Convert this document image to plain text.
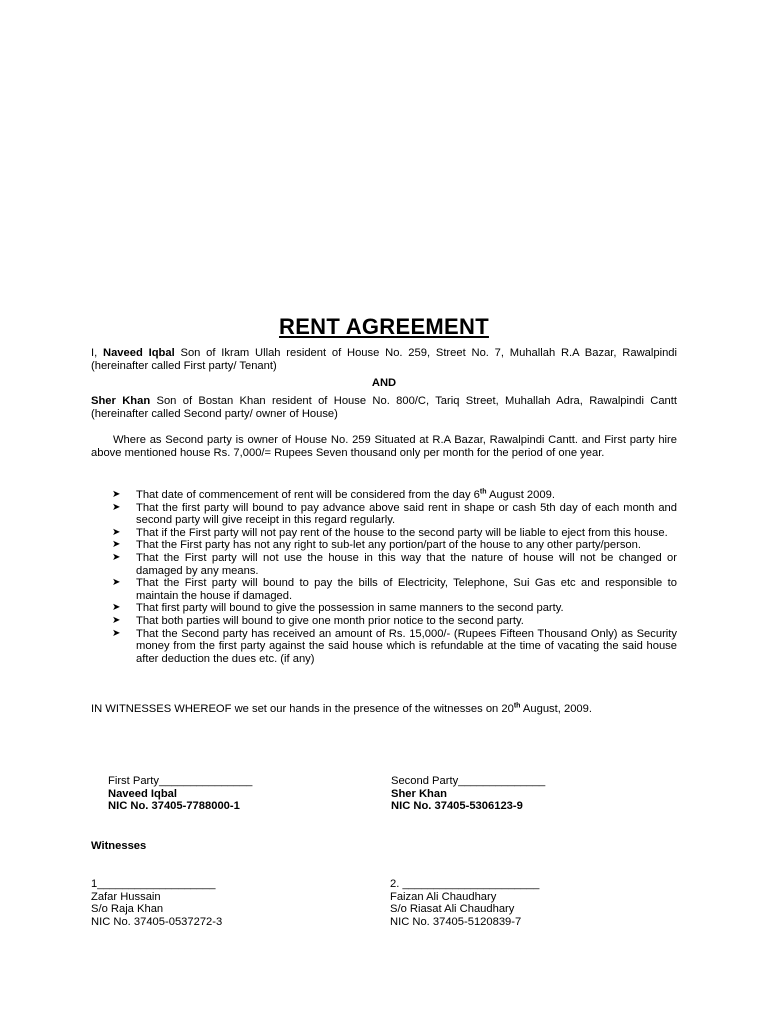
RENT AGREEMENT
I, Naveed Iqbal Son of Ikram Ullah resident of House No. 259, Street No. 7, Muhallah R.A Bazar, Rawalpindi (hereinafter called First party/ Tenant)
AND
Sher Khan Son of Bostan Khan resident of House No. 800/C, Tariq Street, Muhallah Adra, Rawalpindi Cantt (hereinafter called Second party/ owner of House)
Where as Second party is owner of House No. 259 Situated at R.A Bazar, Rawalpindi Cantt. and First party hire above mentioned house Rs. 7,000/= Rupees Seven thousand only per month for the period of one year.
➤ That date of commencement of rent will be considered from the day 6th August 2009.
➤ That the first party will bound to pay advance above said rent in shape or cash 5th day of each month and second party will give receipt in this regard regularly.
➤ That if the First party will not pay rent of the house to the second party will be liable to eject from this house.
➤ That the First party has not any right to sub-let any portion/part of the house to any other party/person.
➤ That the First party will not use the house in this way that the nature of house will not be changed or damaged by any means.
➤ That the First party will bound to pay the bills of Electricity, Telephone, Sui Gas etc and responsible to maintain the house if damaged.
➤ That first party will bound to give the possession in same manners to the second party.
➤ That both parties will bound to give one month prior notice to the second party.
➤ That the Second party has received an amount of Rs. 15,000/- (Rupees Fifteen Thousand Only) as Security money from the first party against the said house which is refundable at the time of vacating the said house after deduction the dues etc. (if any)
IN WITNESSES WHEREOF we set our hands in the presence of the witnesses on 20th August, 2009.
First Party_______________
Naveed Iqbal
NIC No. 37405-7788000-1
Second Party______________
Sher Khan
NIC No. 37405-5306123-9
Witnesses
1___________________
Zafar Hussain
S/o Raja Khan
NIC No. 37405-0537272-3
2. ______________________
Faizan Ali Chaudhary
S/o Riasat Ali Chaudhary
NIC No. 37405-5120839-7
